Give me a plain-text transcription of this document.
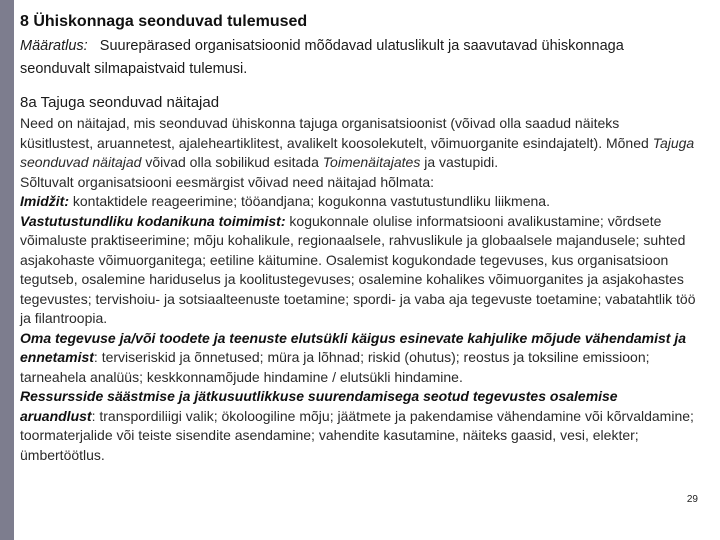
8 Ühiskonnaga seonduvad tulemused
Määratlus: Suurepärased organisatsioonid mõõdavad ulatuslikult ja saavutavad ühiskonnaga seonduvalt silmapaistvaid tulemusi.
8a Tajuga seonduvad näitajad

Need on näitajad, mis seonduvad ühiskonna tajuga organisatsioonist (võivad olla saadud näiteks küsitlustest, aruannetest, ajaleheartiklitest, avalikelt koosolekutelt, võimuorganite esindajatelt). Mõned Tajuga seonduvad näitajad võivad olla sobilikud esitada Toimenäitajates ja vastupidi.

Sõltuvalt organisatsiooni eesmärgist võivad need näitajad hõlmata:

Imidžit: kontaktidele reageerimine; tööandjana; kogukonna vastutustundliku liikmena.

Vastutustundliku kodanikuna toimimist: kogukonnale olulise informatsiooni avalikustamine; võrdsete võimaluste praktiseerimine; mõju kohalikule, regionaalsele, rahvuslikule ja globaalsele majandusele; suhted asjakohaste võimuorganitega; eetiline käitumine. Osalemist kogukondade tegevuses, kus organisatsioon tegutseb, osalemine hariduselus ja koolitustegevuses; osalemine kohalikes võimuorganites ja asjakohastes tegevustes; tervishoiu- ja sotsiaalteenuste toetamine; spordi- ja vaba aja tegevuste toetamine; vabatahtlik töö ja filantroopia.

Oma tegevuse ja/või toodete ja teenuste elutsükli käigus esinevate kahjulike mõjude vähendamist ja ennetamist: terviseriskid ja õnnetused; müra ja lõhnad; riskid (ohutus); reostus ja toksiline emissioon; tarneahela analüüs; keskkonnamõjude hindamine / elutsükli hindamine.

Ressursside säästmise ja jätkusuutlikkuse suurendamisega seotud tegevustes osalemise aruandlust: transpordiliigi valik; ökoloogiline mõju; jäätmete ja pakendamise vähendamine või kõrvaldamine; toormaterjalide või teiste sisendite asendamine; vahendite kasutamine, näiteks gaasid, vesi, elekter; ümbertöötlus.

29
